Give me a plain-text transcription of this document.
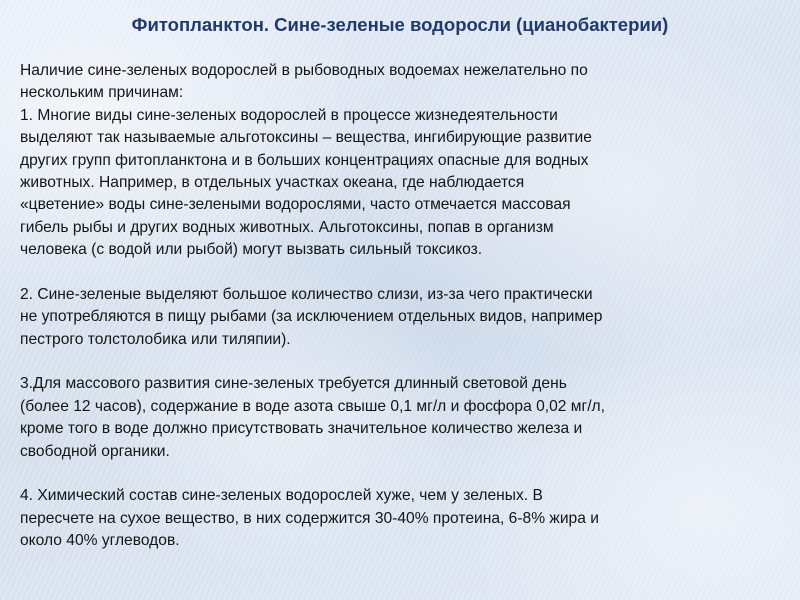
Фитопланктон. Сине-зеленые водоросли (цианобактерии)
Наличие сине-зеленых водорослей в рыбоводных водоемах нежелательно по
нескольким причинам:
1. Многие виды сине-зеленых водорослей в процессе жизнедеятельности
выделяют так называемые альготоксины – вещества, ингибирующие развитие
других групп фитопланктона и в больших концентрациях опасные для водных
животных. Например, в отдельных участках океана, где наблюдается
«цветение» воды сине-зелеными водорослями, часто отмечается массовая
гибель рыбы и других водных животных. Альготоксины, попав в организм
человека (с водой или рыбой) могут вызвать сильный токсикоз.
2. Сине-зеленые выделяют большое количество слизи, из-за чего практически
не употребляются в пищу рыбами (за исключением отдельных видов, например
пестрого толстолобика или тиляпии).
3.Для массового развития сине-зеленых требуется длинный световой день
(более 12 часов), содержание в воде азота свыше 0,1 мг/л и фосфора 0,02 мг/л,
кроме того в воде должно присутствовать значительное количество железа и
свободной органики.
4. Химический состав сине-зеленых водорослей хуже, чем у зеленых. В
пересчете на сухое вещество, в них содержится 30-40% протеина, 6-8% жира и
около 40% углеводов.
